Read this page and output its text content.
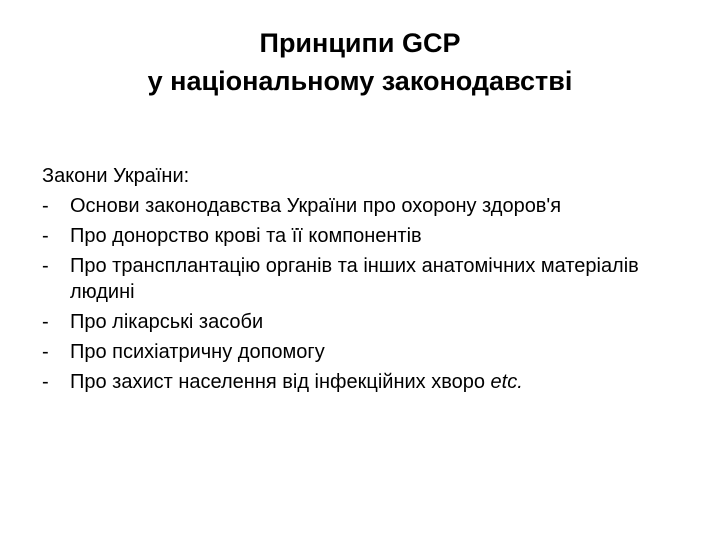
Принципи GCP
у національному законодавстві
Закони України:
-	Основи законодавства України про охорону здоров'я
-	Про донорство крові та її компонентів
-	Про трансплантацію органів та інших анатомічних матеріалів людині
-	Про лікарські засоби
-	Про психіатричну допомогу
-	Про захист населення від інфекційних хворо etc.
